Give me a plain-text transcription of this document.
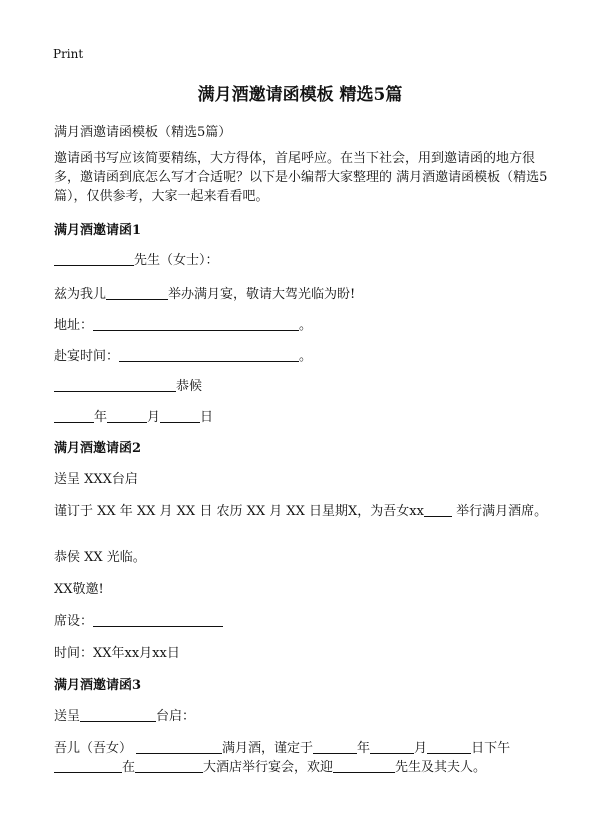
Print
满月酒邀请函模板 精选5篇
满月酒邀请函模板（精选5篇）
邀请函书写应该简要精练，大方得体，首尾呼应。在当下社会，用到邀请函的地方很多，邀请函到底怎么写才合适呢？以下是小编帮大家整理的 满月酒邀请函模板（精选5篇），仅供参考，大家一起来看看吧。
满月酒邀请函1
先生（女士）：
兹为我儿	举办满月宴，敬请大驾光临为盼!
地址：	。
赴宴时间：	。
恭候
年	月	日
满月酒邀请函2
送呈 XXX台启
谨订于 XX 年 XX 月 XX 日 农历 XX 月 XX 日星期X，为吾女xx 举行满月酒席。
恭侯 XX 光临。
XX敬邀!
席设：
时间：XX年xx月xx日
满月酒邀请函3
送呈	台启：
吾儿（吾女）	满月酒，谨定于	年	月	日下午
在	大酒店举行宴会，欢迎	先生及其夫人。
